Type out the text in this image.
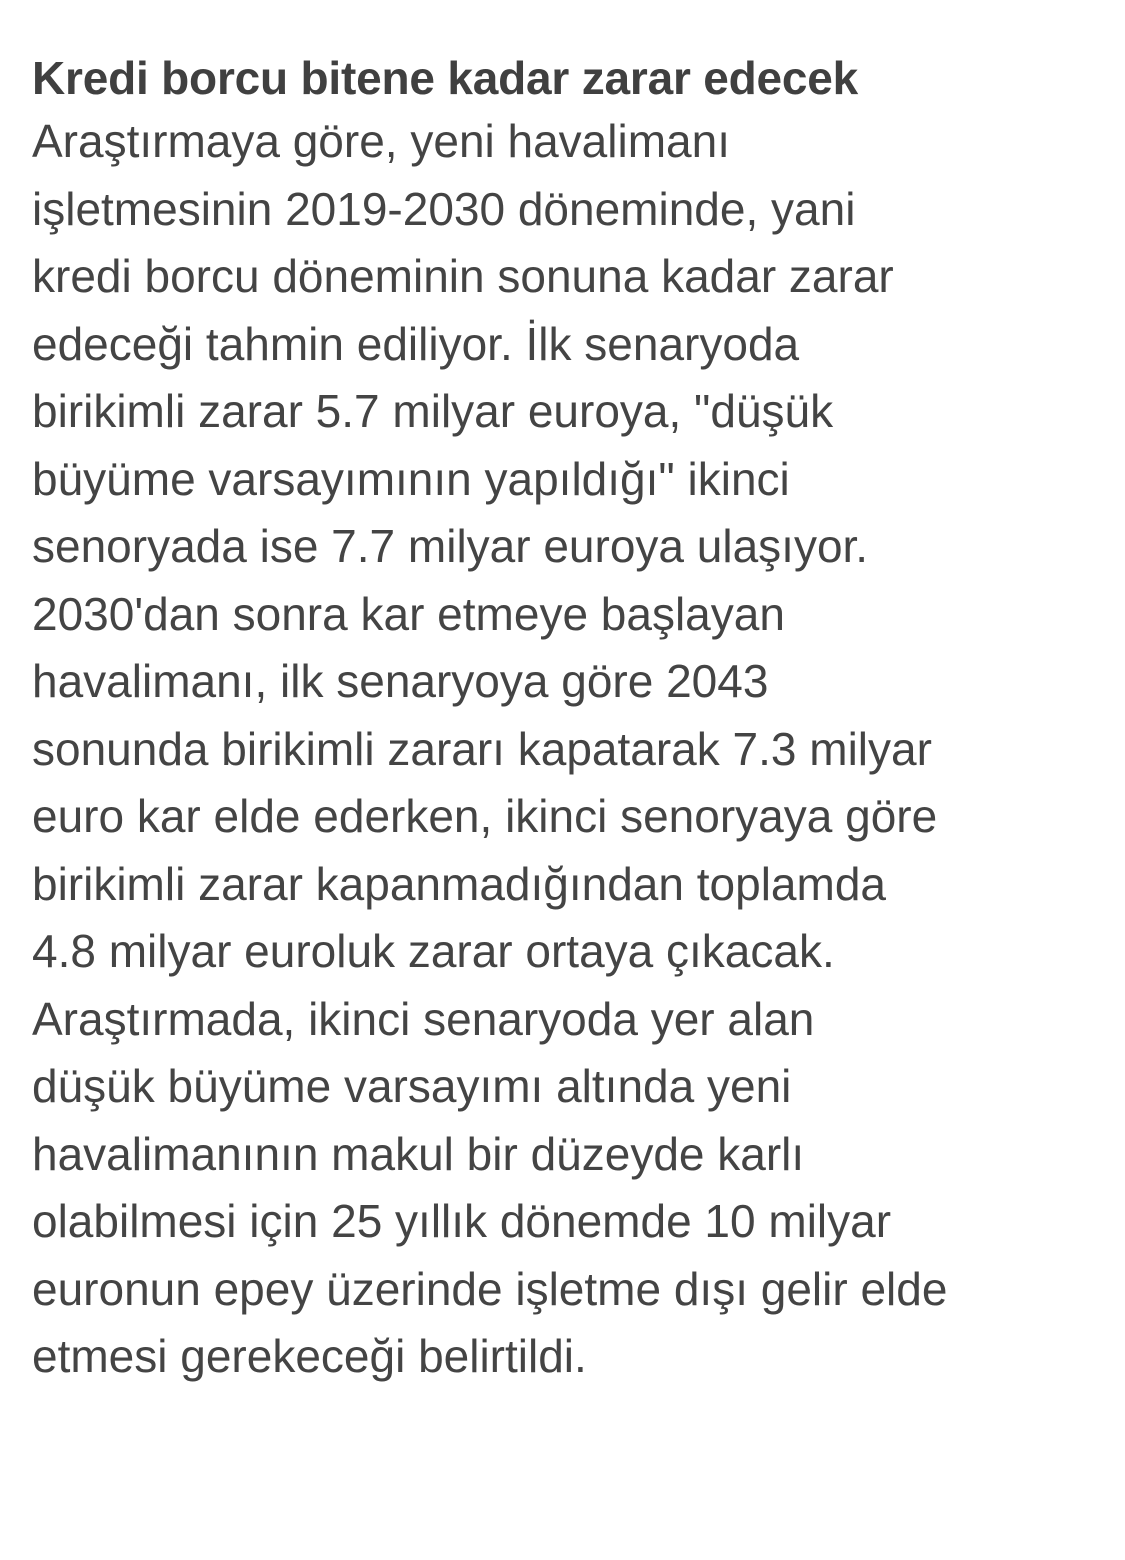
Kredi borcu bitene kadar zarar edecek

Araştırmaya göre, yeni havalimanı
işletmesinin 2019-2030 döneminde, yani
kredi borcu döneminin sonuna kadar zarar
edeceği tahmin ediliyor. İlk senaryoda
birikimli zarar 5.7 milyar euroya, "düşük
büyüme varsayımının yapıldığı" ikinci
senoryada ise 7.7 milyar euroya ulaşıyor.
2030'dan sonra kar etmeye başlayan
havalimanı, ilk senaryoya göre 2043
sonunda birikimli zararı kapatarak 7.3 milyar
euro kar elde ederken, ikinci senoryaya göre
birikimli zarar kapanmadığından toplamda
4.8 milyar euroluk zarar ortaya çıkacak.
Araştırmada, ikinci senaryoda yer alan
düşük büyüme varsayımı altında yeni
havalimanının makul bir düzeyde karlı
olabilmesi için 25 yıllık dönemde 10 milyar
euronun epey üzerinde işletme dışı gelir elde
etmesi gerekeceği belirtildi.
